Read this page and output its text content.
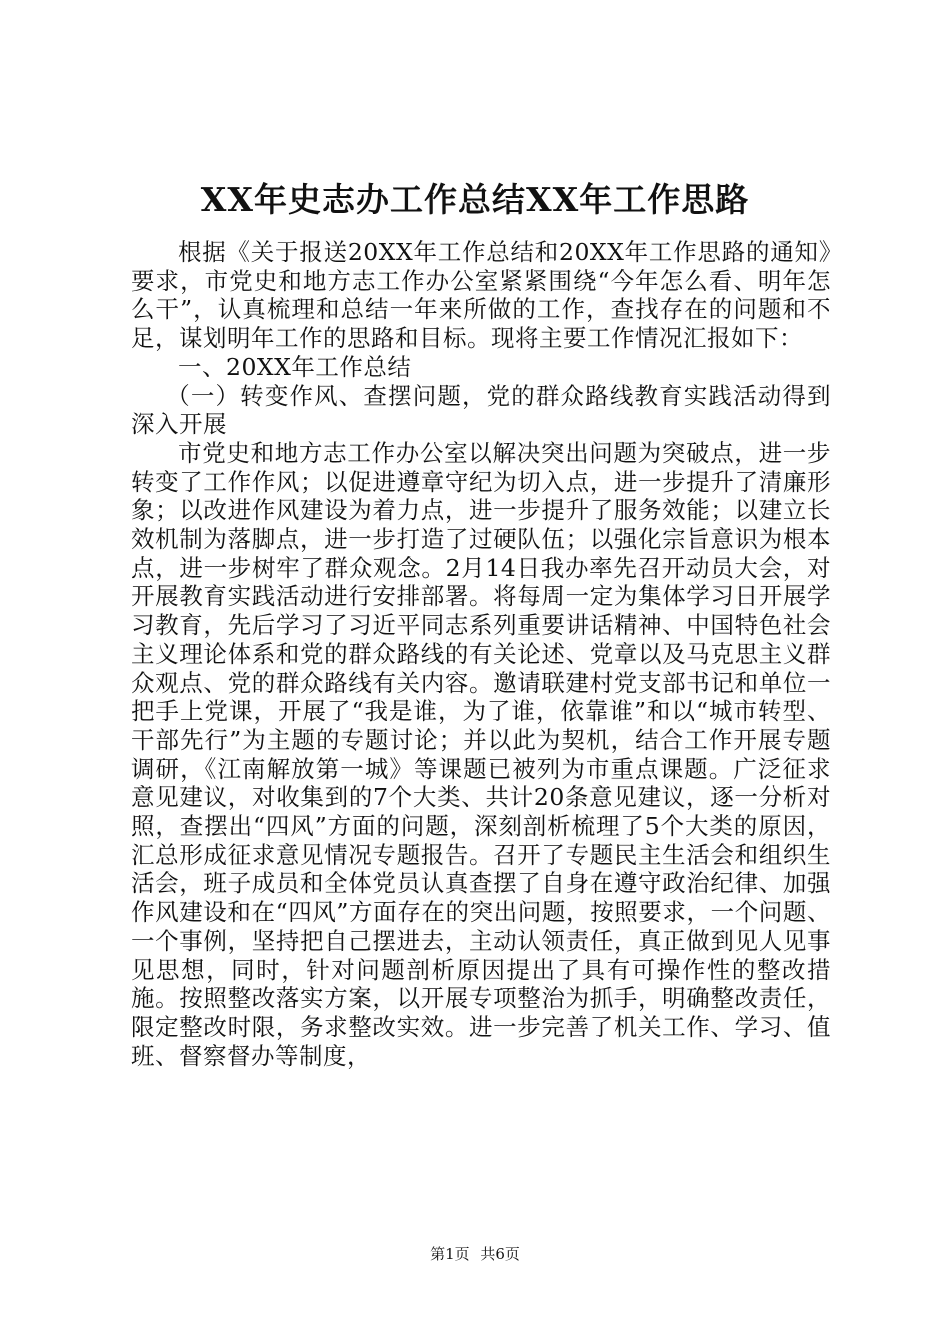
XX年史志办工作总结XX年工作思路

根据《关于报送20XX年工作总结和20XX年工作思路的通知》要求，市党史和地方志工作办公室紧紧围绕“今年怎么看、明年怎么干”，认真梳理和总结一年来所做的工作，查找存在的问题和不足，谋划明年工作的思路和目标。现将主要工作情况汇报如下：

一、20XX年工作总结

（一）转变作风、查摆问题，党的群众路线教育实践活动得到深入开展

市党史和地方志工作办公室以解决突出问题为突破点，进一步转变了工作作风；以促进遵章守纪为切入点，进一步提升了清廉形象；以改进作风建设为着力点，进一步提升了服务效能；以建立长效机制为落脚点，进一步打造了过硬队伍；以强化宗旨意识为根本点，进一步树牢了群众观念。2月14日我办率先召开动员大会，对开展教育实践活动进行安排部署。将每周一定为集体学习日开展学习教育，先后学习了习近平同志系列重要讲话精神、中国特色社会主义理论体系和党的群众路线的有关论述、党章以及马克思主义群众观点、党的群众路线有关内容。邀请联建村党支部书记和单位一把手上党课，开展了“我是谁，为了谁，依靠谁”和以“城市转型、干部先行”为主题的专题讨论；并以此为契机，结合工作开展专题调研，《江南解放第一城》等课题已被列为市重点课题。广泛征求意见建议，对收集到的7个大类、共计20条意见建议，逐一分析对照，查摆出“四风”方面的问题，深刻剖析梳理了5个大类的原因，汇总形成征求意见情况专题报告。召开了专题民主生活会和组织生活会，班子成员和全体党员认真查摆了自身在遵守政治纪律、加强作风建设和在“四风”方面存在的突出问题，按照要求，一个问题、一个事例，坚持把自己摆进去，主动认领责任，真正做到见人见事见思想，同时，针对问题剖析原因提出了具有可操作性的整改措施。按照整改落实方案，以开展专项整治为抓手，明确整改责任，限定整改时限，务求整改实效。进一步完善了机关工作、学习、值班、督察督办等制度，

第1页 共6页
